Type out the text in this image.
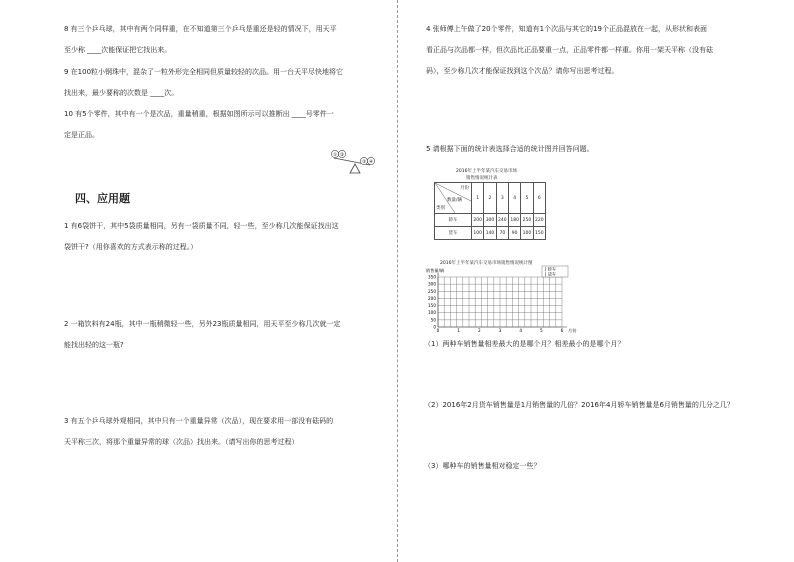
8 有三个乒乓球，其中有两个同样重，在不知道第三个乒乓是重还是轻的情况下，用天平
至少称 ____次能保证把它找出来。
9 在100粒小钢珠中，混杂了一粒外形完全相同但质量较轻的次品。用一台天平尽快地将它
找出来，最少要称的次数是 ____次。
10 有5个零件，其中有一个是次品，重量稍重，根据如图所示可以推断出 ____号零件一
定是正品。
① ②
③ ④
四、应用题
1 有6袋饼干，其中5袋质量相同，另有一袋质量不同，轻一些，至少称几次能保证找出这
袋饼干?（用你喜欢的方式表示称的过程。）
2 一箱饮料有24瓶，其中一瓶稍微轻一些，另外23瓶质量相同，用天平至少称几次就一定
能找出轻的这一瓶?
3 有五个乒乓球外观相同，其中只有一个重量异常（次品），现在要求用一部没有砝码的
天平称三次，将那个重量异常的球（次品）找出来。（请写出你的思考过程）
4 张师傅上午做了20个零件，知道有1个次品与其它的19个正品混放在一起，从形状和表面
看正品与次品都一样，但次品比正品要重一点，正品零件都一样重。你用一架天平称（没有砝
码），至少称几次才能保证找到这个次品？请你写出思考过程。
5 请根据下面的统计表选择合适的统计图并回答问题。
2016年上半年某汽车交易市场
销售情况统计表
月份
数量/辆
类别	1	2	3	4	5	6
轿车	200	300	240	180	250	220
货车	100	140	70	90	100	150
2016年上半年某汽车交易市场销售情况统计图
0
50
100
150
200
250
300
350
0	1	2	3	4	5	6
销售量/辆
月份
| 轿车
| 货车
（1）两种车销售量相差最大的是哪个月？相差最小的是哪个月？
（2）2016年2月货车销售量是1月销售量的几倍？2016年4月轿车销售量是6月销售量的几分之几？
（3）哪种车的销售量相对稳定一些？
